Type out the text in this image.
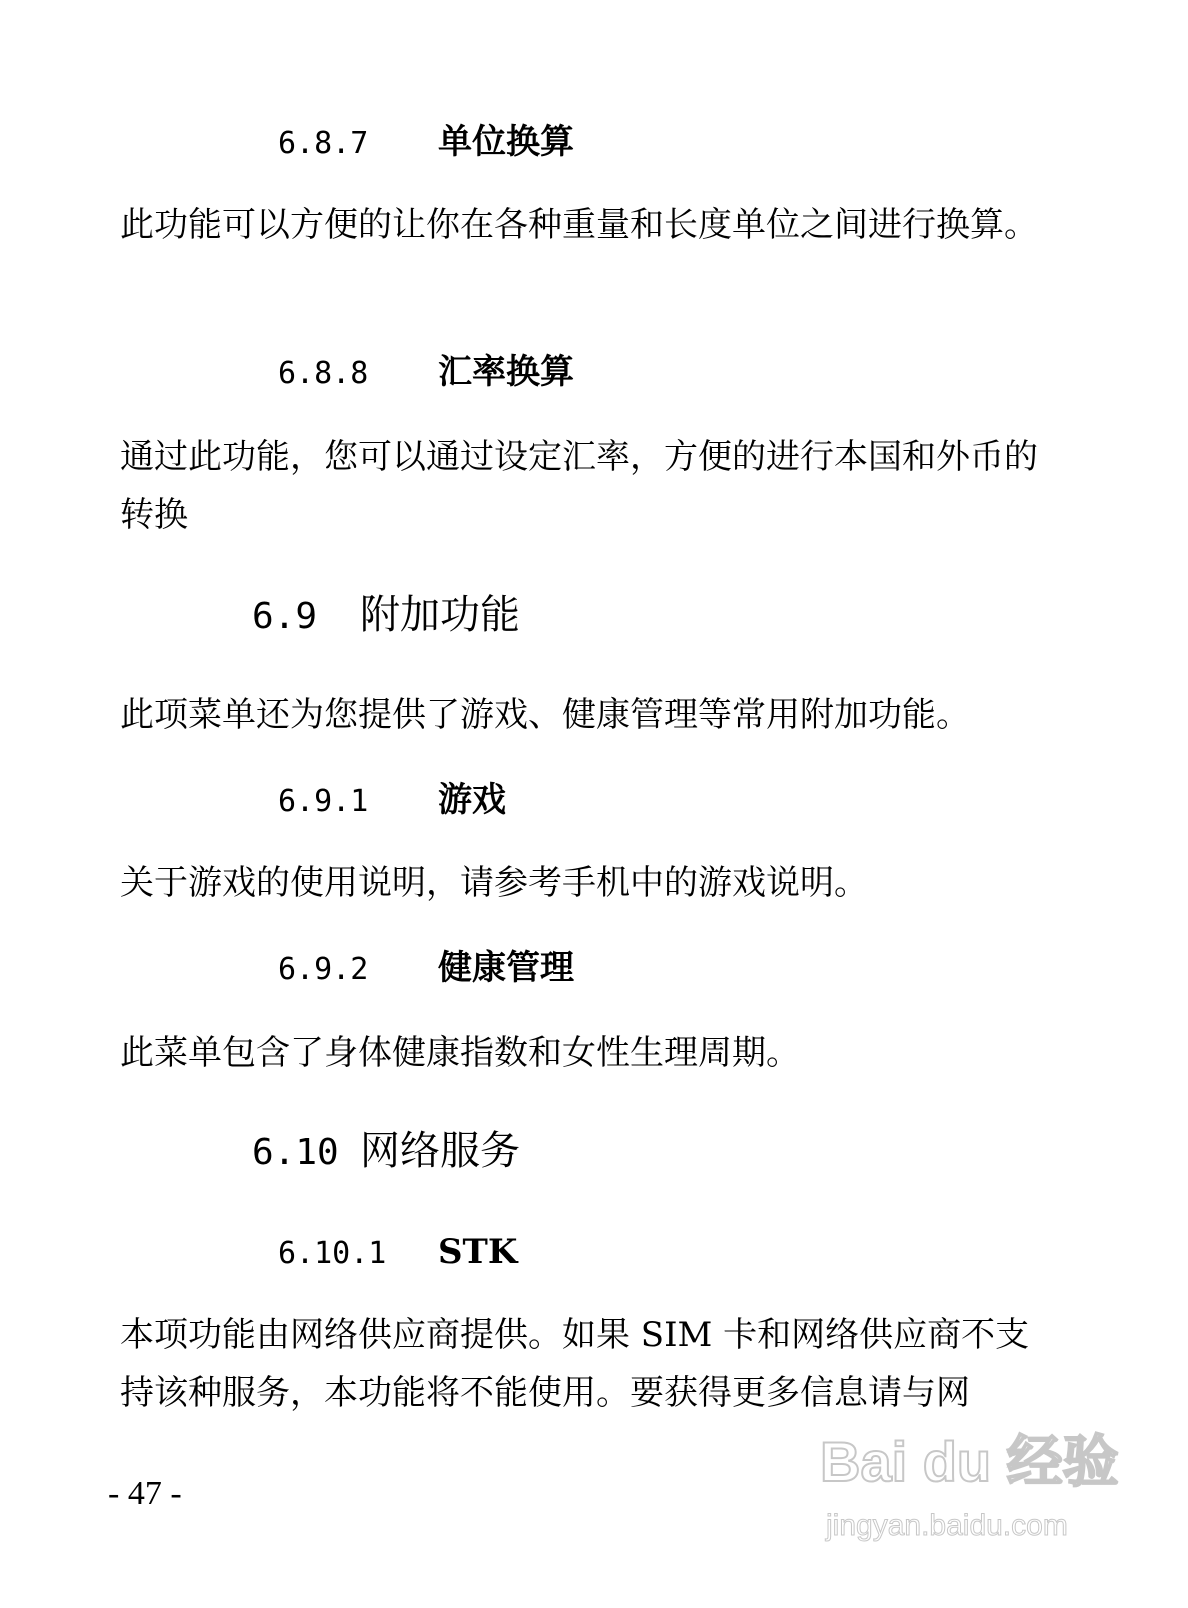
6.8.7 单位换算
此功能可以方便的让你在各种重量和长度单位之间进行换算。
6.8.8 汇率换算
通过此功能，您可以通过设定汇率，方便的进行本国和外币的转换
6.9 附加功能
此项菜单还为您提供了游戏、健康管理等常用附加功能。
6.9.1 游戏
关于游戏的使用说明，请参考手机中的游戏说明。
6.9.2 健康管理
此菜单包含了身体健康指数和女性生理周期。
6.10 网络服务
6.10.1 STK
本项功能由网络供应商提供。如果 SIM 卡和网络供应商不支持该种服务，本功能将不能使用。要获得更多信息请与网
- 47 -
Bai du 经验
jingyan.baidu.com
